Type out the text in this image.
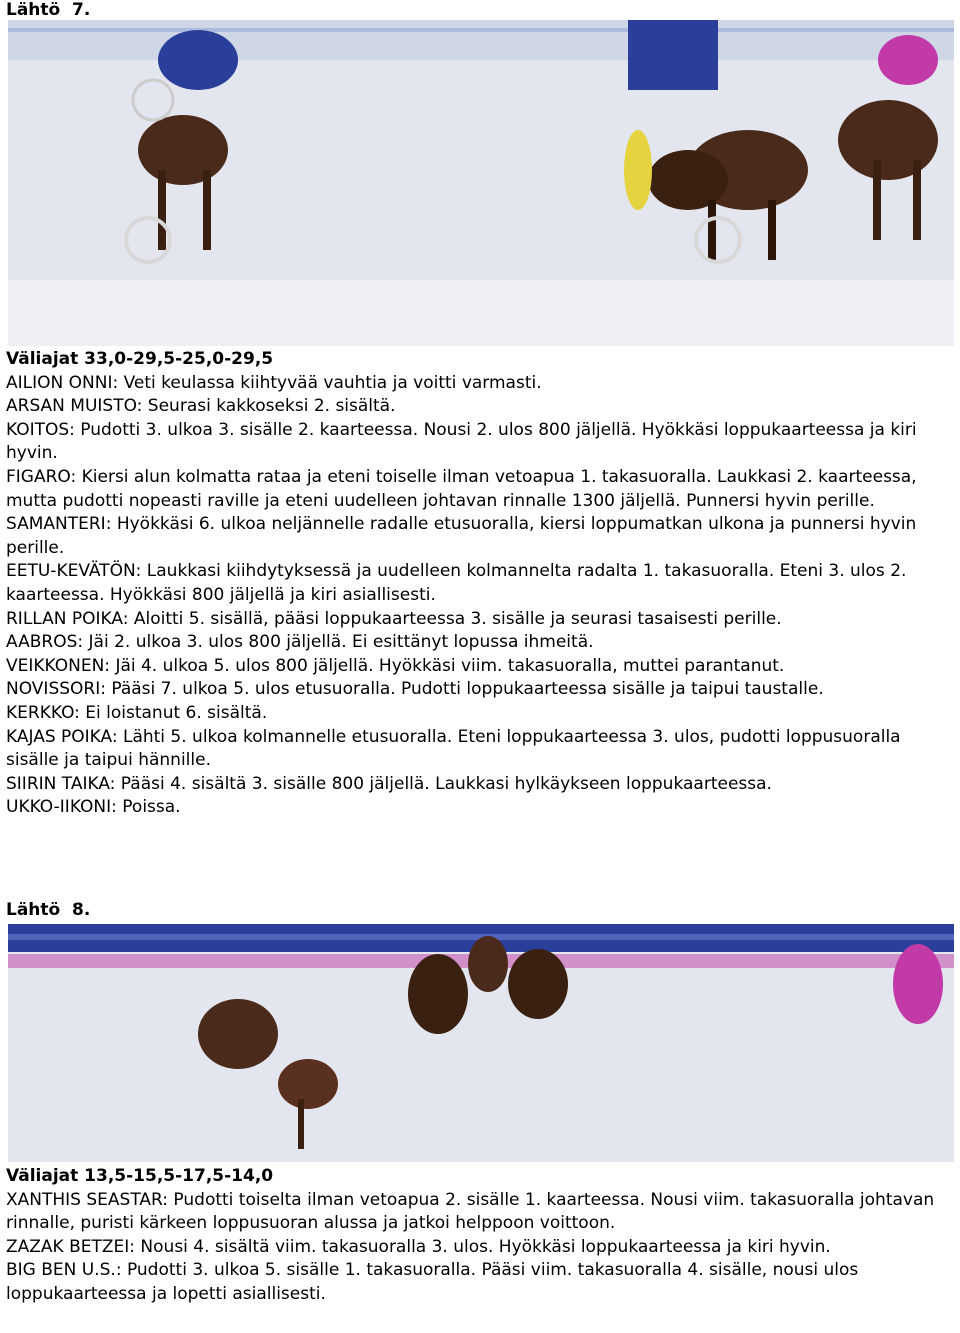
Lähtö  7.
Väliajat 33,0-29,5-25,0-29,5

AILION ONNI: Veti keulassa kiihtyvää vauhtia ja voitti varmasti.

ARSAN MUISTO: Seurasi kakkoseksi 2. sisältä.

KOITOS: Pudotti 3. ulkoa 3. sisälle 2. kaarteessa. Nousi 2. ulos 800 jäljellä. Hyökkäsi loppukaarteessa ja kiri hyvin.

FIGARO: Kiersi alun kolmatta rataa ja eteni toiselle ilman vetoapua 1. takasuoralla. Laukkasi 2. kaarteessa, mutta pudotti nopeasti raville ja eteni uudelleen johtavan rinnalle 1300 jäljellä. Punnersi hyvin perille.

SAMANTERI: Hyökkäsi 6. ulkoa neljännelle radalle etusuoralla, kiersi loppumatkan ulkona ja punnersi hyvin perille.

EETU-KEVÄTÖN: Laukkasi kiihdytyksessä ja uudelleen kolmannelta radalta 1. takasuoralla. Eteni 3. ulos 2. kaarteessa. Hyökkäsi 800 jäljellä ja kiri asiallisesti.

RILLAN POIKA: Aloitti 5. sisällä, pääsi loppukaarteessa 3. sisälle ja seurasi tasaisesti perille.

AABROS: Jäi 2. ulkoa 3. ulos 800 jäljellä. Ei esittänyt lopussa ihmeitä.

VEIKKONEN: Jäi 4. ulkoa 5. ulos 800 jäljellä. Hyökkäsi viim. takasuoralla, muttei parantanut.

NOVISSORI: Pääsi 7. ulkoa 5. ulos etusuoralla. Pudotti loppukaarteessa sisälle ja taipui taustalle.

KERKKO: Ei loistanut 6. sisältä.

KAJAS POIKA: Lähti 5. ulkoa kolmannelle etusuoralla. Eteni loppukaarteessa 3. ulos, pudotti loppusuoralla sisälle ja taipui hännille.

SIIRIN TAIKA: Pääsi 4. sisältä 3. sisälle 800 jäljellä. Laukkasi hylkäykseen loppukaarteessa.

UKKO-IIKONI: Poissa.

Lähtö  8.
Väliajat 13,5-15,5-17,5-14,0

XANTHIS SEASTAR: Pudotti toiselta ilman vetoapua 2. sisälle 1. kaarteessa. Nousi viim. takasuoralla johtavan rinnalle, puristi kärkeen loppusuoran alussa ja jatkoi helppoon voittoon.

ZAZAK BETZEI: Nousi 4. sisältä viim. takasuoralla 3. ulos. Hyökkäsi loppukaarteessa ja kiri hyvin.

BIG BEN U.S.: Pudotti 3. ulkoa 5. sisälle 1. takasuoralla. Pääsi viim. takasuoralla 4. sisälle, nousi ulos loppukaarteessa ja lopetti asiallisesti.
